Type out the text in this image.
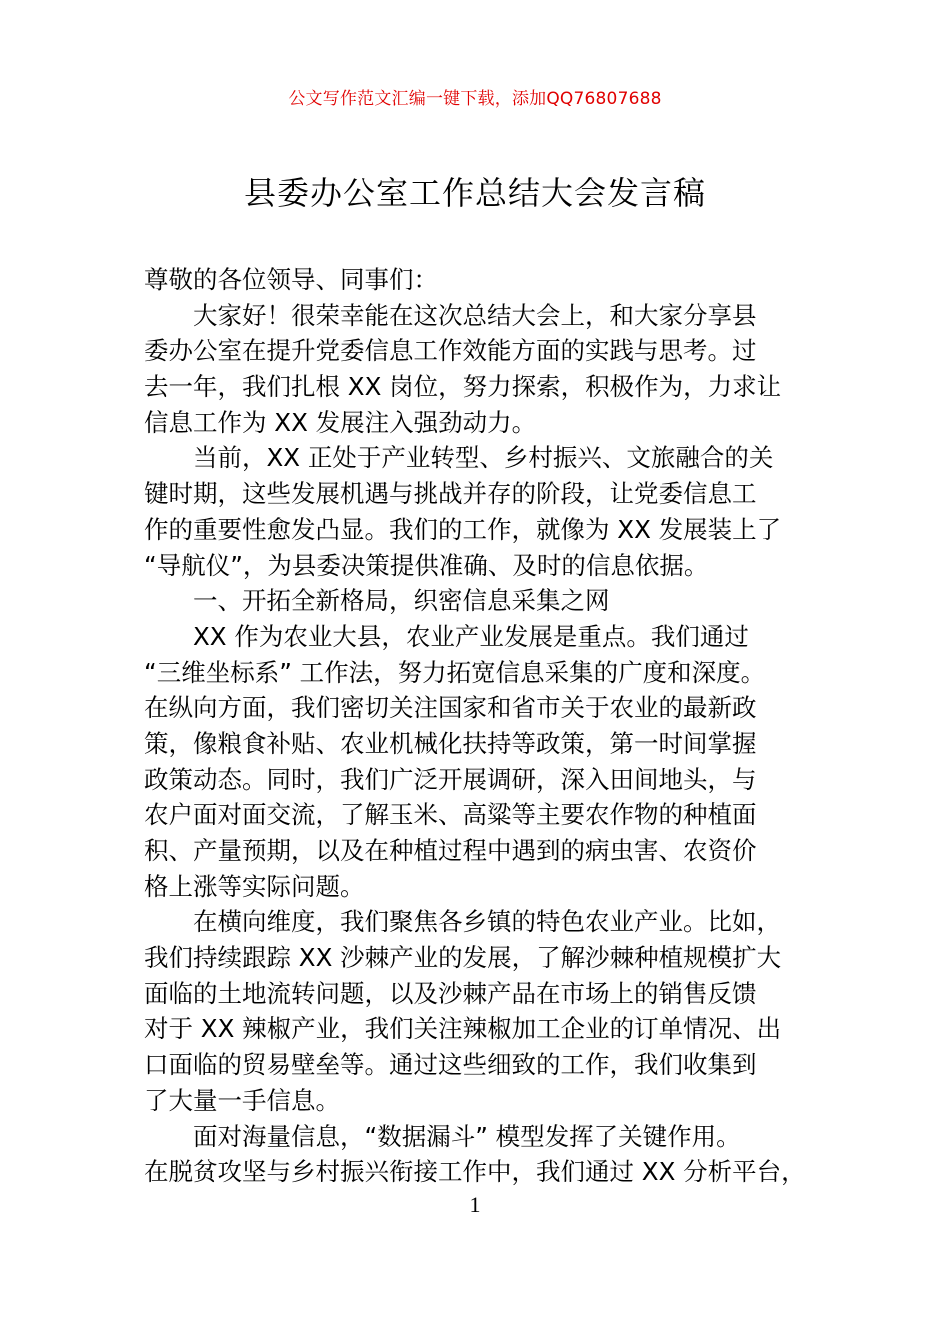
公文写作范文汇编一键下载，添加QQ76807688
县委办公室工作总结大会发言稿
尊敬的各位领导、同事们：
大家好！很荣幸能在这次总结大会上，和大家分享县
委办公室在提升党委信息工作效能方面的实践与思考。过
去一年，我们扎根 XX 岗位，努力探索，积极作为，力求让
信息工作为 XX 发展注入强劲动力。
当前，XX 正处于产业转型、乡村振兴、文旅融合的关
键时期，这些发展机遇与挑战并存的阶段，让党委信息工
作的重要性愈发凸显。我们的工作，就像为 XX 发展装上了
“导航仪”，为县委决策提供准确、及时的信息依据。
一、开拓全新格局，织密信息采集之网
XX 作为农业大县，农业产业发展是重点。我们通过
“三维坐标系” 工作法，努力拓宽信息采集的广度和深度。
在纵向方面，我们密切关注国家和省市关于农业的最新政
策，像粮食补贴、农业机械化扶持等政策，第一时间掌握
政策动态。同时，我们广泛开展调研，深入田间地头，与
农户面对面交流，了解玉米、高粱等主要农作物的种植面
积、产量预期，以及在种植过程中遇到的病虫害、农资价
格上涨等实际问题。
在横向维度，我们聚焦各乡镇的特色农业产业。比如，
我们持续跟踪 XX 沙棘产业的发展，了解沙棘种植规模扩大
面临的土地流转问题，以及沙棘产品在市场上的销售反馈
对于 XX 辣椒产业，我们关注辣椒加工企业的订单情况、出
口面临的贸易壁垒等。通过这些细致的工作，我们收集到
了大量一手信息。
面对海量信息，“数据漏斗” 模型发挥了关键作用。
在脱贫攻坚与乡村振兴衔接工作中，我们通过 XX 分析平台，
1
